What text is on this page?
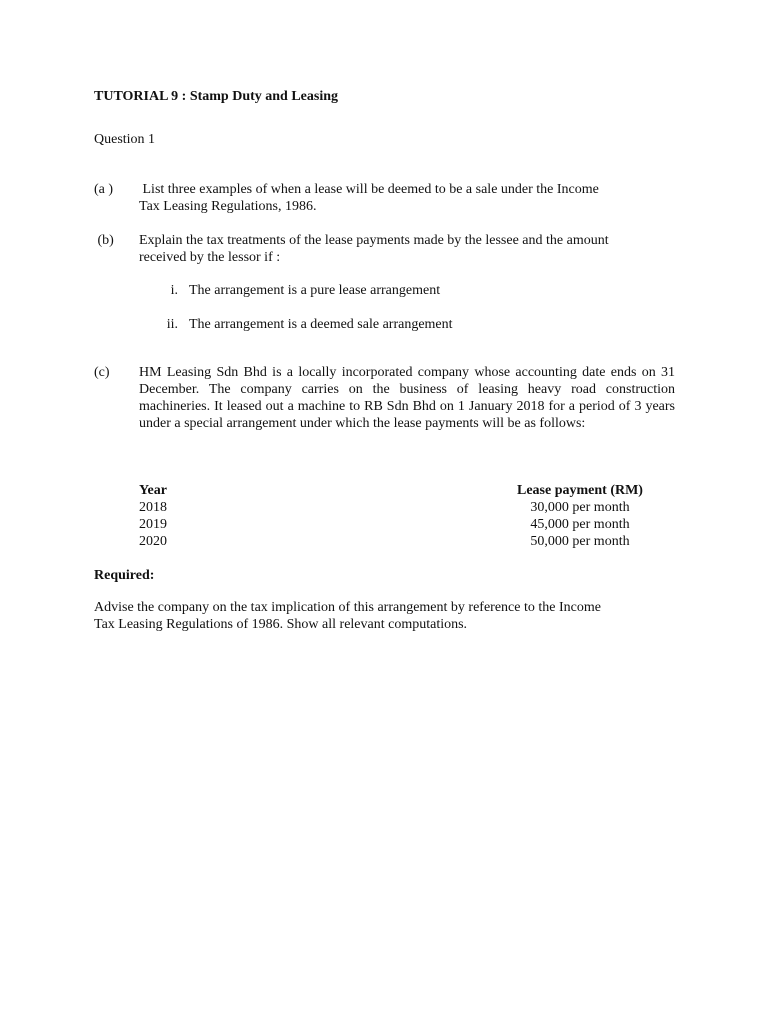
TUTORIAL 9 : Stamp Duty and Leasing
Question 1
(a ) List three examples of when a lease will be deemed to be a sale under the Income
Tax Leasing Regulations, 1986.
(b) Explain the tax treatments of the lease payments made by the lessee and the amount
received by the lessor if :
i. The arrangement is a pure lease arrangement
ii. The arrangement is a deemed sale arrangement
(c) HM Leasing Sdn Bhd is a locally incorporated company whose accounting date ends on 31 December. The company carries on the business of leasing heavy road construction machineries. It leased out a machine to RB Sdn Bhd on 1 January 2018 for a period of 3 years under a special arrangement under which the lease payments will be as follows:
Year	Lease payment (RM)
2018	30,000 per month
2019	45,000 per month
2020	50,000 per month
Required:
Advise the company on the tax implication of this arrangement by reference to the Income
Tax Leasing Regulations of 1986. Show all relevant computations.
